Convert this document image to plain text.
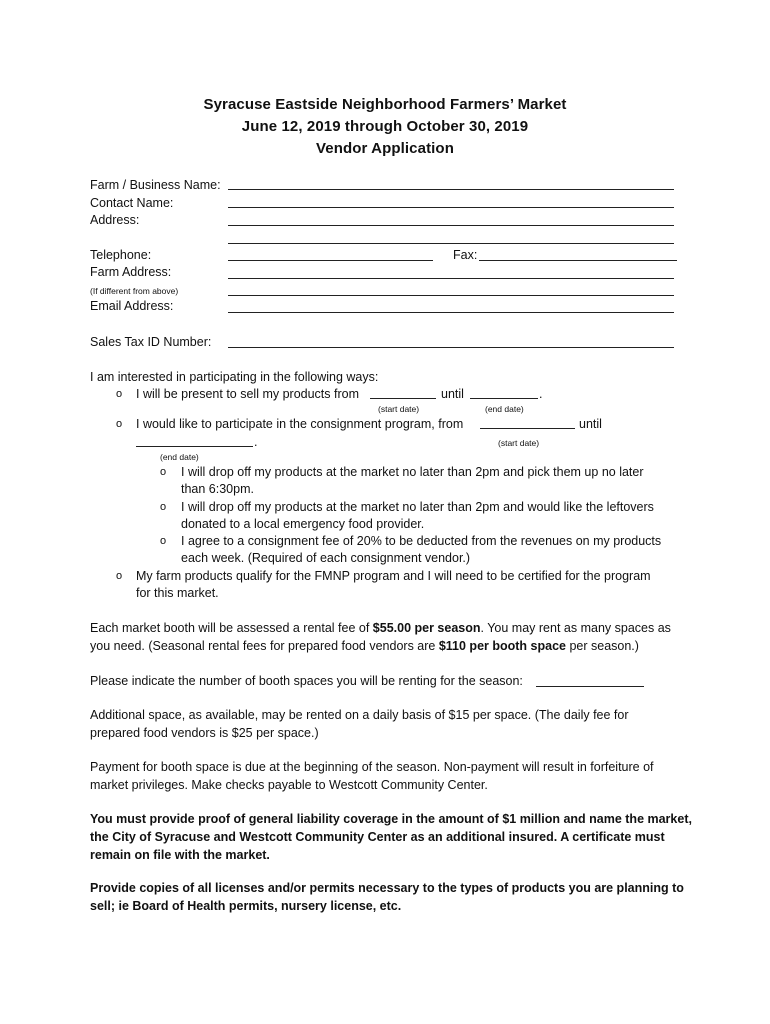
Syracuse Eastside Neighborhood Farmers’ Market
June 12, 2019 through October 30, 2019
Vendor Application
Farm / Business Name:
Contact Name:
Address:
Telephone:	Fax:
Farm Address:
(If different from above)
Email Address:
Sales Tax ID Number:
I am interested in participating in the following ways:
o I will be present to sell my products from	until	.
(start date)	(end date)
o I would like to participate in the consignment program, from	until
(start date)
.
(end date)
o I will drop off my products at the market no later than 2pm and pick them up no later
than 6:30pm.
o I will drop off my products at the market no later than 2pm and would like the leftovers
donated to a local emergency food provider.
o I agree to a consignment fee of 20% to be deducted from the revenues on my products
each week. (Required of each consignment vendor.)
o My farm products qualify for the FMNP program and I will need to be certified for the program
for this market.
Each market booth will be assessed a rental fee of $55.00 per season. You may rent as many spaces as
you need. (Seasonal rental fees for prepared food vendors are $110 per booth space per season.)
Please indicate the number of booth spaces you will be renting for the season:
Additional space, as available, may be rented on a daily basis of $15 per space. (The daily fee for
prepared food vendors is $25 per space.)
Payment for booth space is due at the beginning of the season. Non-payment will result in forfeiture of
market privileges. Make checks payable to Westcott Community Center.
You must provide proof of general liability coverage in the amount of $1 million and name the market,
the City of Syracuse and Westcott Community Center as an additional insured. A certificate must
remain on file with the market.
Provide copies of all licenses and/or permits necessary to the types of products you are planning to
sell; ie Board of Health permits, nursery license, etc.
